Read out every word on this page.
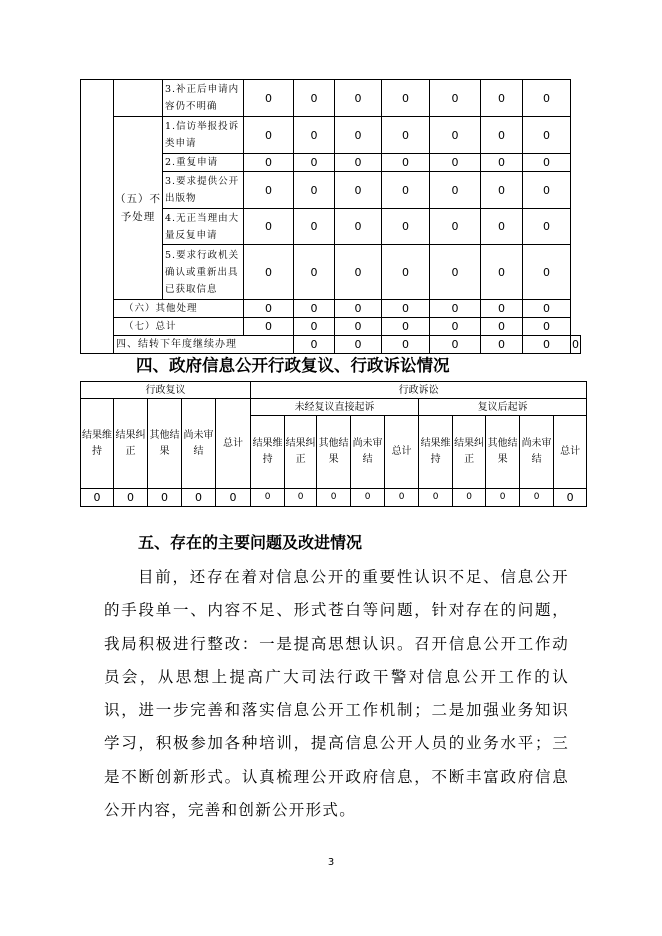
		3.补正后申请内容仍不明确	0	0	0	0	0	0	0	
	（五）不予处理	1.信访举报投诉类申请	0	0	0	0	0	0	0	
		2.重复申请	0	0	0	0	0	0	0	
		3.要求提供公开出版物	0	0	0	0	0	0	0	
		4.无正当理由大量反复申请	0	0	0	0	0	0	0	
		5.要求行政机关确认或重新出具已获取信息	0	0	0	0	0	0	0	
	（六）其他处理		0	0	0	0	0	0	0	
	（七）总计		0	0	0	0	0	0	0	
	四、结转下年度继续办理			0	0	0	0	0	0	0
四、政府信息公开行政复议、行政诉讼情况
行政复议					行政诉讼									
结果维持	结果纠正	其他结果	尚未审结	总计	未经复议直接起诉					复议后起诉				
					结果维持	结果纠正	其他结果	尚未审结	总计	结果维持	结果纠正	其他结果	尚未审结	总计
0	0	0	0	0	0	0	0	0	0	0	0	0	0	0
五、存在的主要问题及改进情况

目前，还存在着对信息公开的重要性认识不足、信息公开的手段单一、内容不足、形式苍白等问题，针对存在的问题，我局积极进行整改：一是提高思想认识。召开信息公开工作动员会，从思想上提高广大司法行政干警对信息公开工作的认识，进一步完善和落实信息公开工作机制；二是加强业务知识学习，积极参加各种培训，提高信息公开人员的业务水平；三是不断创新形式。认真梳理公开政府信息，不断丰富政府信息公开内容，完善和创新公开形式。

3
